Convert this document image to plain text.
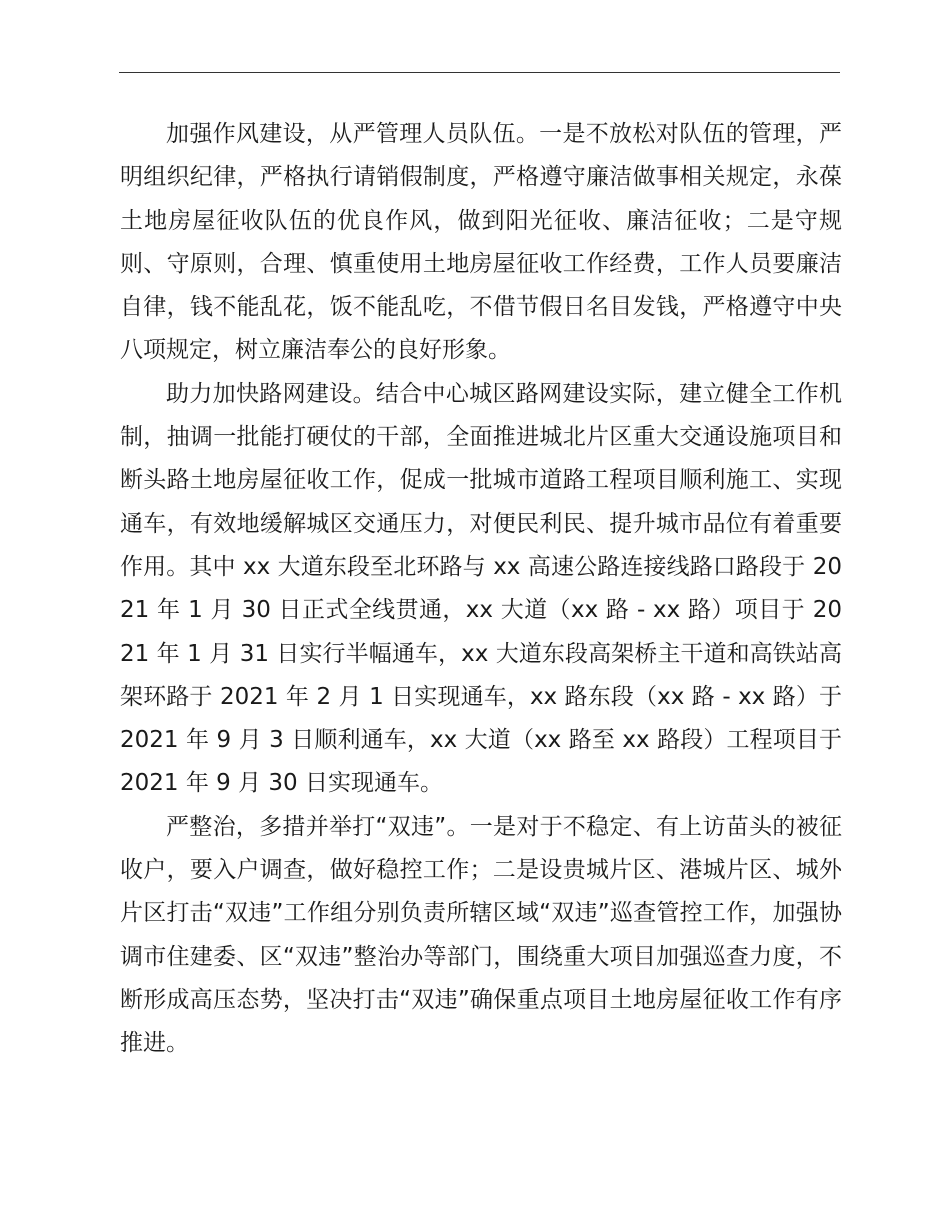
加强作风建设，从严管理人员队伍。一是不放松对队伍的管理，严明组织纪律，严格执行请销假制度，严格遵守廉洁做事相关规定，永葆土地房屋征收队伍的优良作风，做到阳光征收、廉洁征收；二是守规则、守原则，合理、慎重使用土地房屋征收工作经费，工作人员要廉洁自律，钱不能乱花，饭不能乱吃，不借节假日名目发钱，严格遵守中央八项规定，树立廉洁奉公的良好形象。

助力加快路网建设。结合中心城区路网建设实际，建立健全工作机制，抽调一批能打硬仗的干部，全面推进城北片区重大交通设施项目和断头路土地房屋征收工作，促成一批城市道路工程项目顺利施工、实现通车，有效地缓解城区交通压力，对便民利民、提升城市品位有着重要作用。其中 xx 大道东段至北环路与 xx 高速公路连接线路口路段于 2021 年 1 月 30 日正式全线贯通，xx 大道（xx 路 - xx 路）项目于 2021 年 1 月 31 日实行半幅通车，xx 大道东段高架桥主干道和高铁站高架环路于 2021 年 2 月 1 日实现通车，xx 路东段（xx 路 - xx 路）于 2021 年 9 月 3 日顺利通车，xx 大道（xx 路至 xx 路段）工程项目于 2021 年 9 月 30 日实现通车。

严整治，多措并举打“双违”。一是对于不稳定、有上访苗头的被征收户，要入户调查，做好稳控工作；二是设贵城片区、港城片区、城外片区打击“双违”工作组分别负责所辖区域“双违”巡查管控工作，加强协调市住建委、区“双违”整治办等部门，围绕重大项目加强巡查力度，不断形成高压态势，坚决打击“双违”确保重点项目土地房屋征收工作有序推进。
